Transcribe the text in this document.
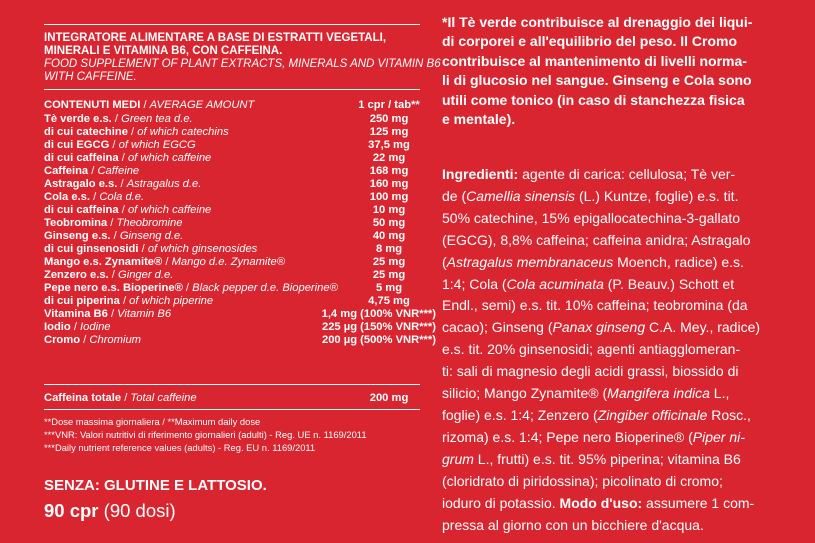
INTEGRATORE ALIMENTARE A BASE DI ESTRATTI VEGETALI,
MINERALI E VITAMINA B6, CON CAFFEINA.
FOOD SUPPLEMENT OF PLANT EXTRACTS, MINERALS AND VITAMIN B6
WITH CAFFEINE.
CONTENUTI MEDI / AVERAGE AMOUNT	1 cpr / tab**
Tè verde e.s. / Green tea d.e.	250 mg
di cui catechine / of which catechins	125 mg
di cui EGCG / of which EGCG	37,5 mg
di cui caffeina / of which caffeine	22 mg
Caffeina / Caffeine	168 mg
Astragalo e.s. / Astragalus d.e.	160 mg
Cola e.s. / Cola d.e.	100 mg
di cui caffeina / of which caffeine	10 mg
Teobromina / Theobromine	50 mg
Ginseng e.s. / Ginseng d.e.	40 mg
di cui ginsenosidi / of which ginsenosides	8 mg
Mango e.s. Zynamite® / Mango d.e. Zynamite®	25 mg
Zenzero e.s. / Ginger d.e.	25 mg
Pepe nero e.s. Bioperine® / Black pepper d.e. Bioperine®	5 mg
di cui piperina / of which piperine	4,75 mg
Vitamina B6 / Vitamin B6	1,4 mg (100% VNR***)
Iodio / Iodine	225 µg (150% VNR***)
Cromo / Chromium	200 µg (500% VNR***)
Caffeina totale / Total caffeine	200 mg
**Dose massima giornaliera / **Maximum daily dose
***VNR: Valori nutritivi di riferimento giornalieri (adulti) - Reg. UE n. 1169/2011
***Daily nutrient reference values (adults) - Reg. EU n. 1169/2011
SENZA: GLUTINE E LATTOSIO.
90 cpr (90 dosi)
*Il Tè verde contribuisce al drenaggio dei liqui-
di corporei e all'equilibrio del peso. Il Cromo
contribuisce al mantenimento di livelli norma-
li di glucosio nel sangue. Ginseng e Cola sono
utili come tonico (in caso di stanchezza fisica
e mentale).
Ingredienti: agente di carica: cellulosa; Tè ver-
de (Camellia sinensis (L.) Kuntze, foglie) e.s. tit.
50% catechine, 15% epigallocatechina-3-gallato
(EGCG), 8,8% caffeina; caffeina anidra; Astragalo
(Astragalus membranaceus Moench, radice) e.s.
1:4; Cola (Cola acuminata (P. Beauv.) Schott et
Endl., semi) e.s. tit. 10% caffeina; teobromina (da
cacao); Ginseng (Panax ginseng C.A. Mey., radice)
e.s. tit. 20% ginsenosidi; agenti antiagglomeran-
ti: sali di magnesio degli acidi grassi, biossido di
silicio; Mango Zynamite® (Mangifera indica L.,
foglie) e.s. 1:4; Zenzero (Zingiber officinale Rosc.,
rizoma) e.s. 1:4; Pepe nero Bioperine® (Piper ni-
grum L., frutti) e.s. tit. 95% piperina; vitamina B6
(cloridrato di piridossina); picolinato di cromo;
ioduro di potassio. Modo d'uso: assumere 1 com-
pressa al giorno con un bicchiere d'acqua.
